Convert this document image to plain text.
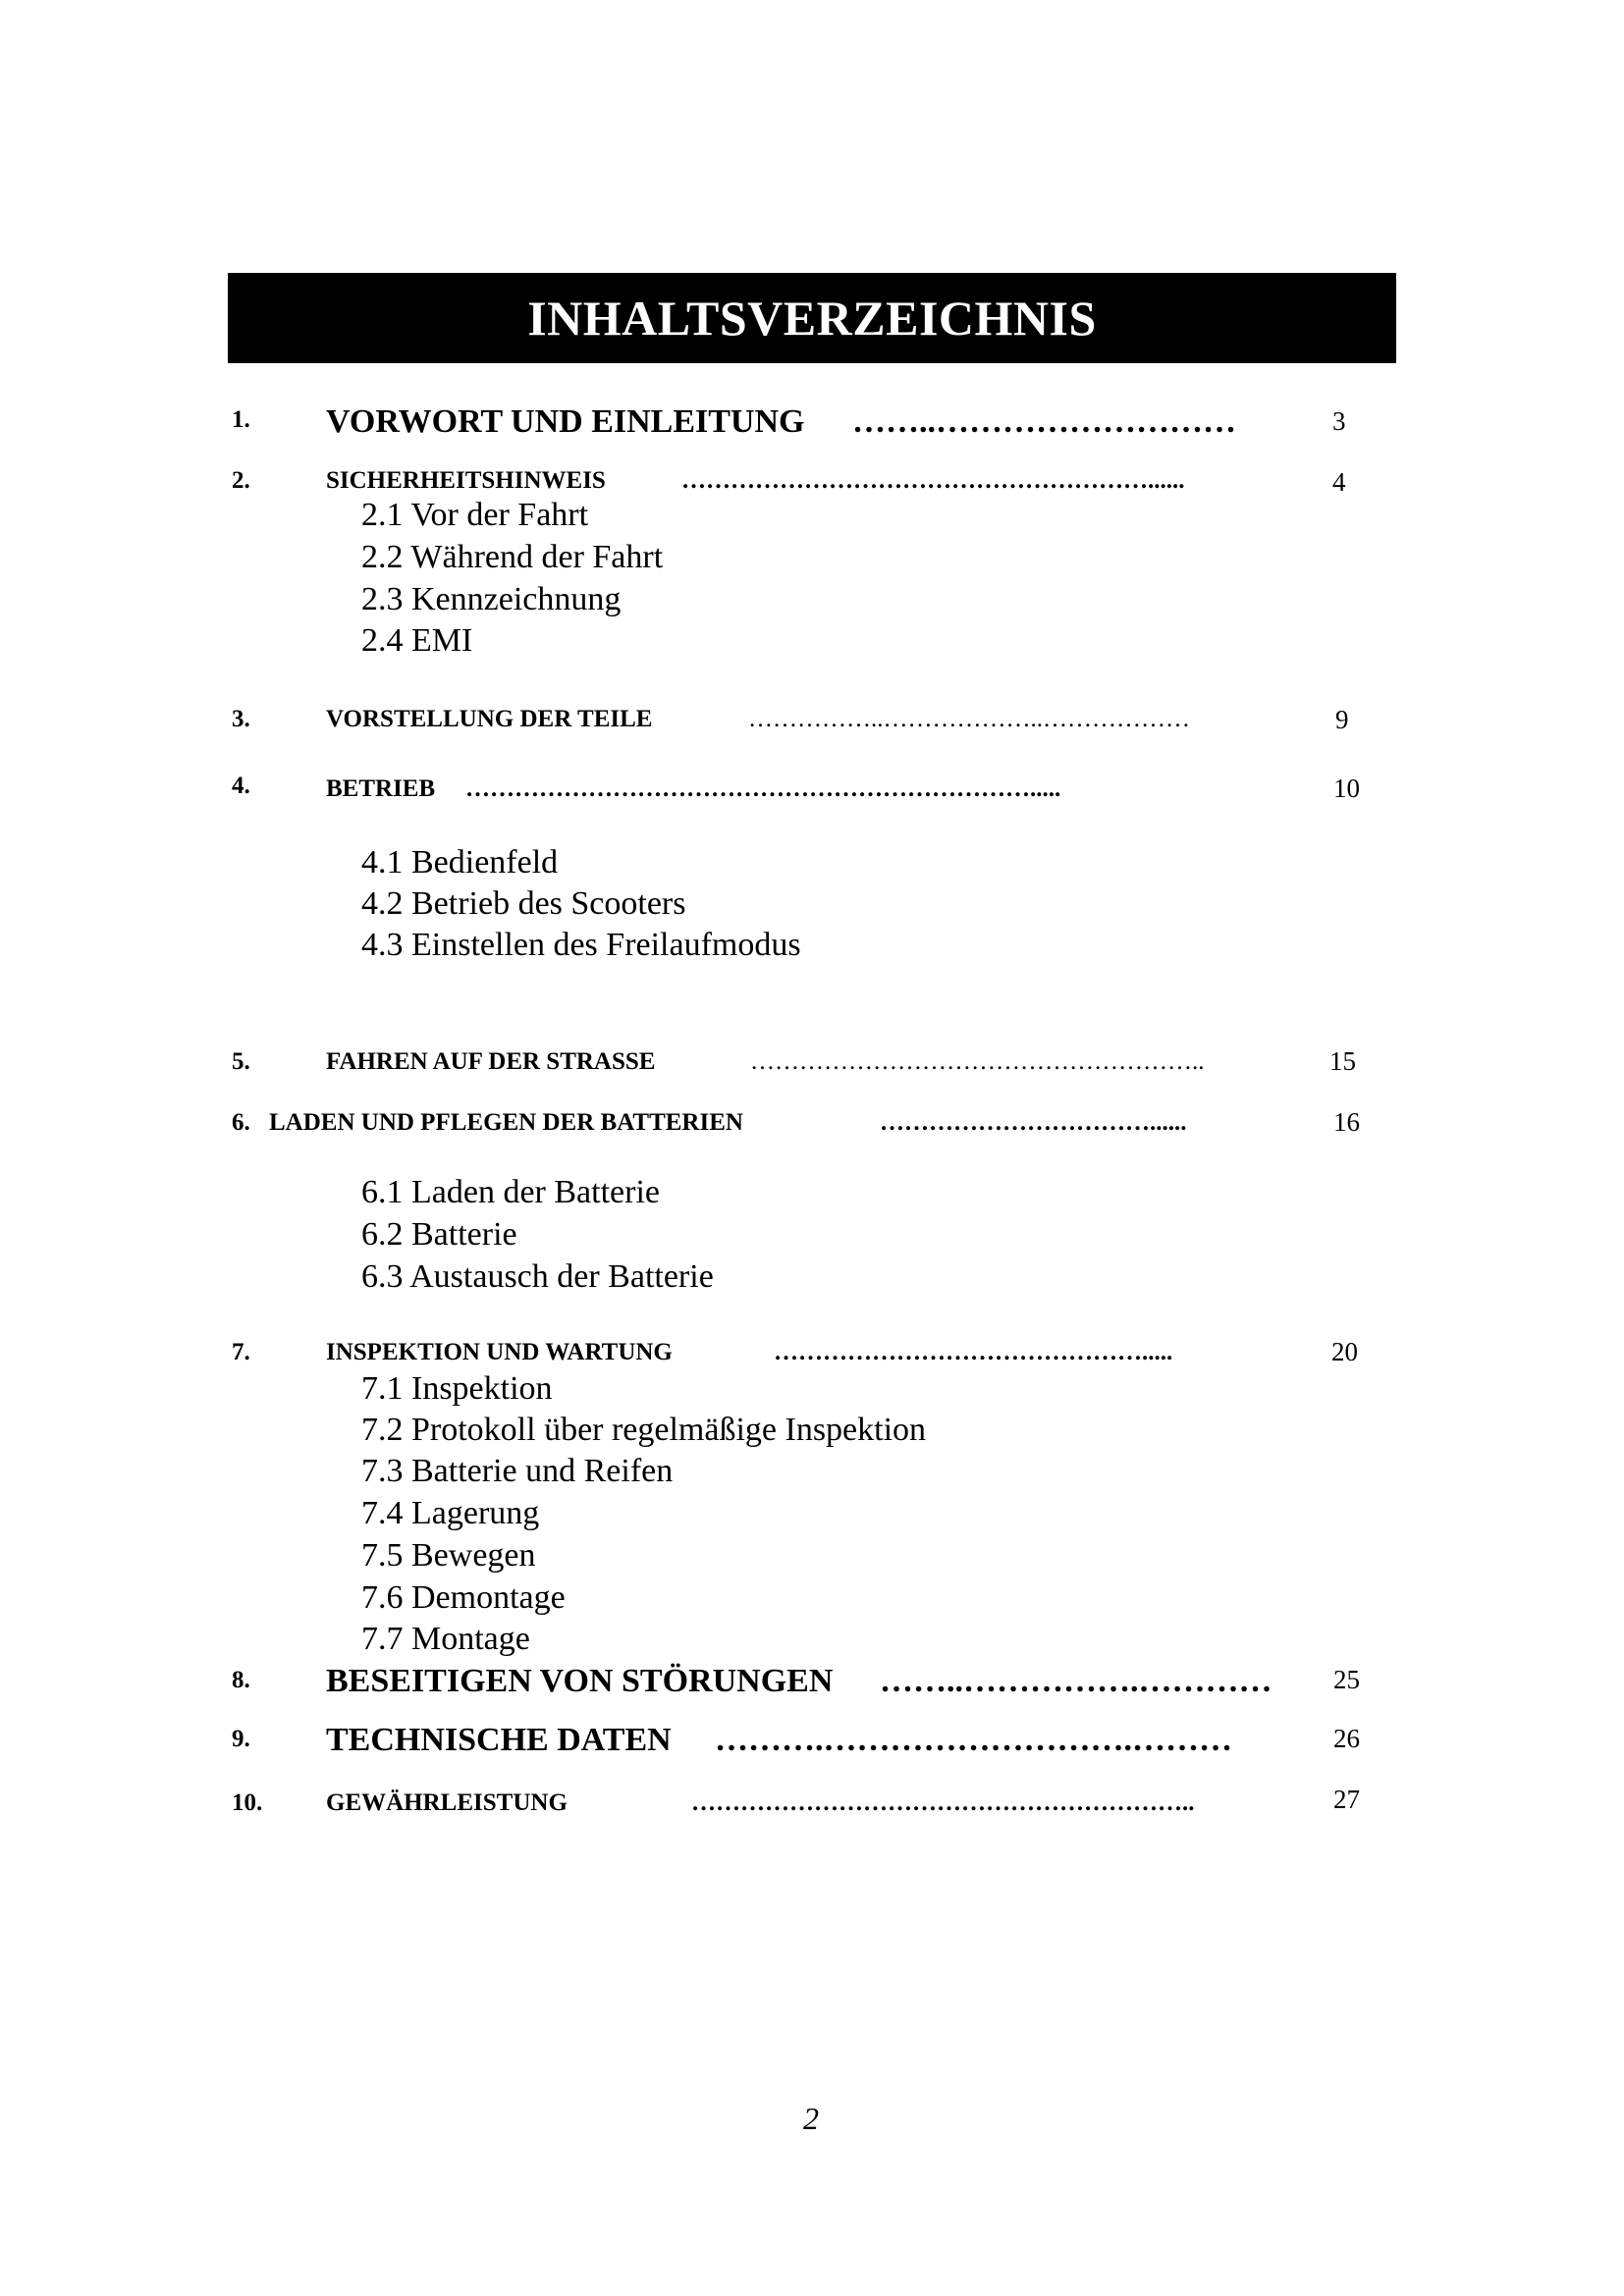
INHALTSVERZEICHNIS
1. VORWORT UND EINLEITUNG ……..………………………	3
2.	SICHERHEITSHINWEIS	…………………………………………………......	4
2.1 Vor der Fahrt
2.2 Während der Fahrt
2.3 Kennzeichnung
2.4 EMI
3.	VORSTELLUNG DER TEILE	……………..………………..………………	9
4.	BETRIEB …………………………………………………………….....	10
4.1 Bedienfeld
4.2 Betrieb des Scooters
4.3 Einstellen des Freilaufmodus
5.	FAHREN AUF DER STRASSE	………………………………………………..	15
6. LADEN UND PFLEGEN DER BATTERIEN	……………………………......	16
6.1 Laden der Batterie
6.2 Batterie
6.3 Austausch der Batterie
7.	INSPEKTION UND WARTUNG	……………………………………….....	20
7.1 Inspektion
7.2 Protokoll über regelmäßige Inspektion
7.3 Batterie und Reifen
7.4 Lagerung
7.5 Bewegen
7.6 Demontage
7.7 Montage
8. BESEITIGEN VON STÖRUNGEN ……..…………….………… 25
9. TECHNISCHE DATEN ……….……………………….………	26
10.	GEWÄHRLEISTUNG	……………………………………………………..	27
2
